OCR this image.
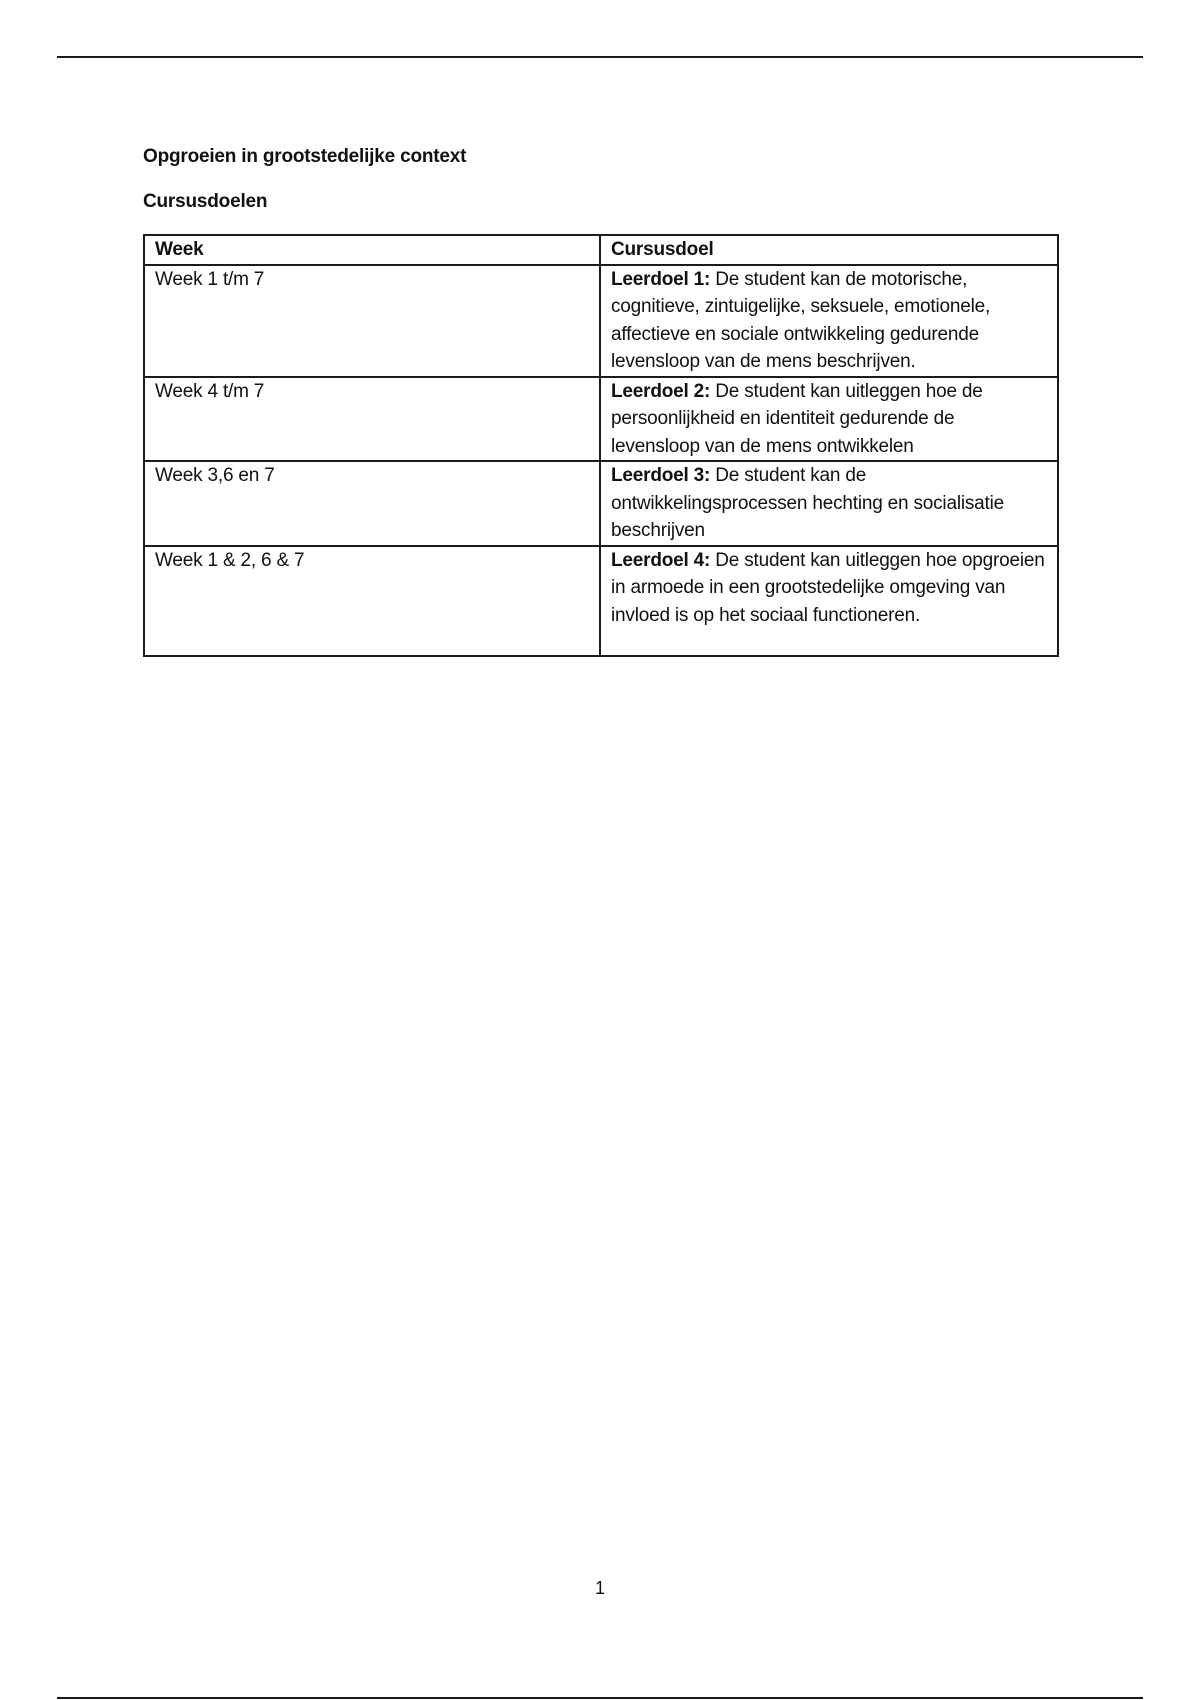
Opgroeien in grootstedelijke context
Cursusdoelen
Week	Cursusdoel
Week 1 t/m 7	Leerdoel 1: De student kan de motorische, cognitieve, zintuigelijke, seksuele, emotionele, affectieve en sociale ontwikkeling gedurende levensloop van de mens beschrijven.
Week 4 t/m 7	Leerdoel 2: De student kan uitleggen hoe de persoonlijkheid en identiteit gedurende de levensloop van de mens ontwikkelen
Week 3,6 en 7	Leerdoel 3: De student kan de ontwikkelingsprocessen hechting en socialisatie beschrijven
Week 1 & 2, 6 & 7	Leerdoel 4: De student kan uitleggen hoe opgroeien in armoede in een grootstedelijke omgeving van invloed is op het sociaal functioneren.
1
